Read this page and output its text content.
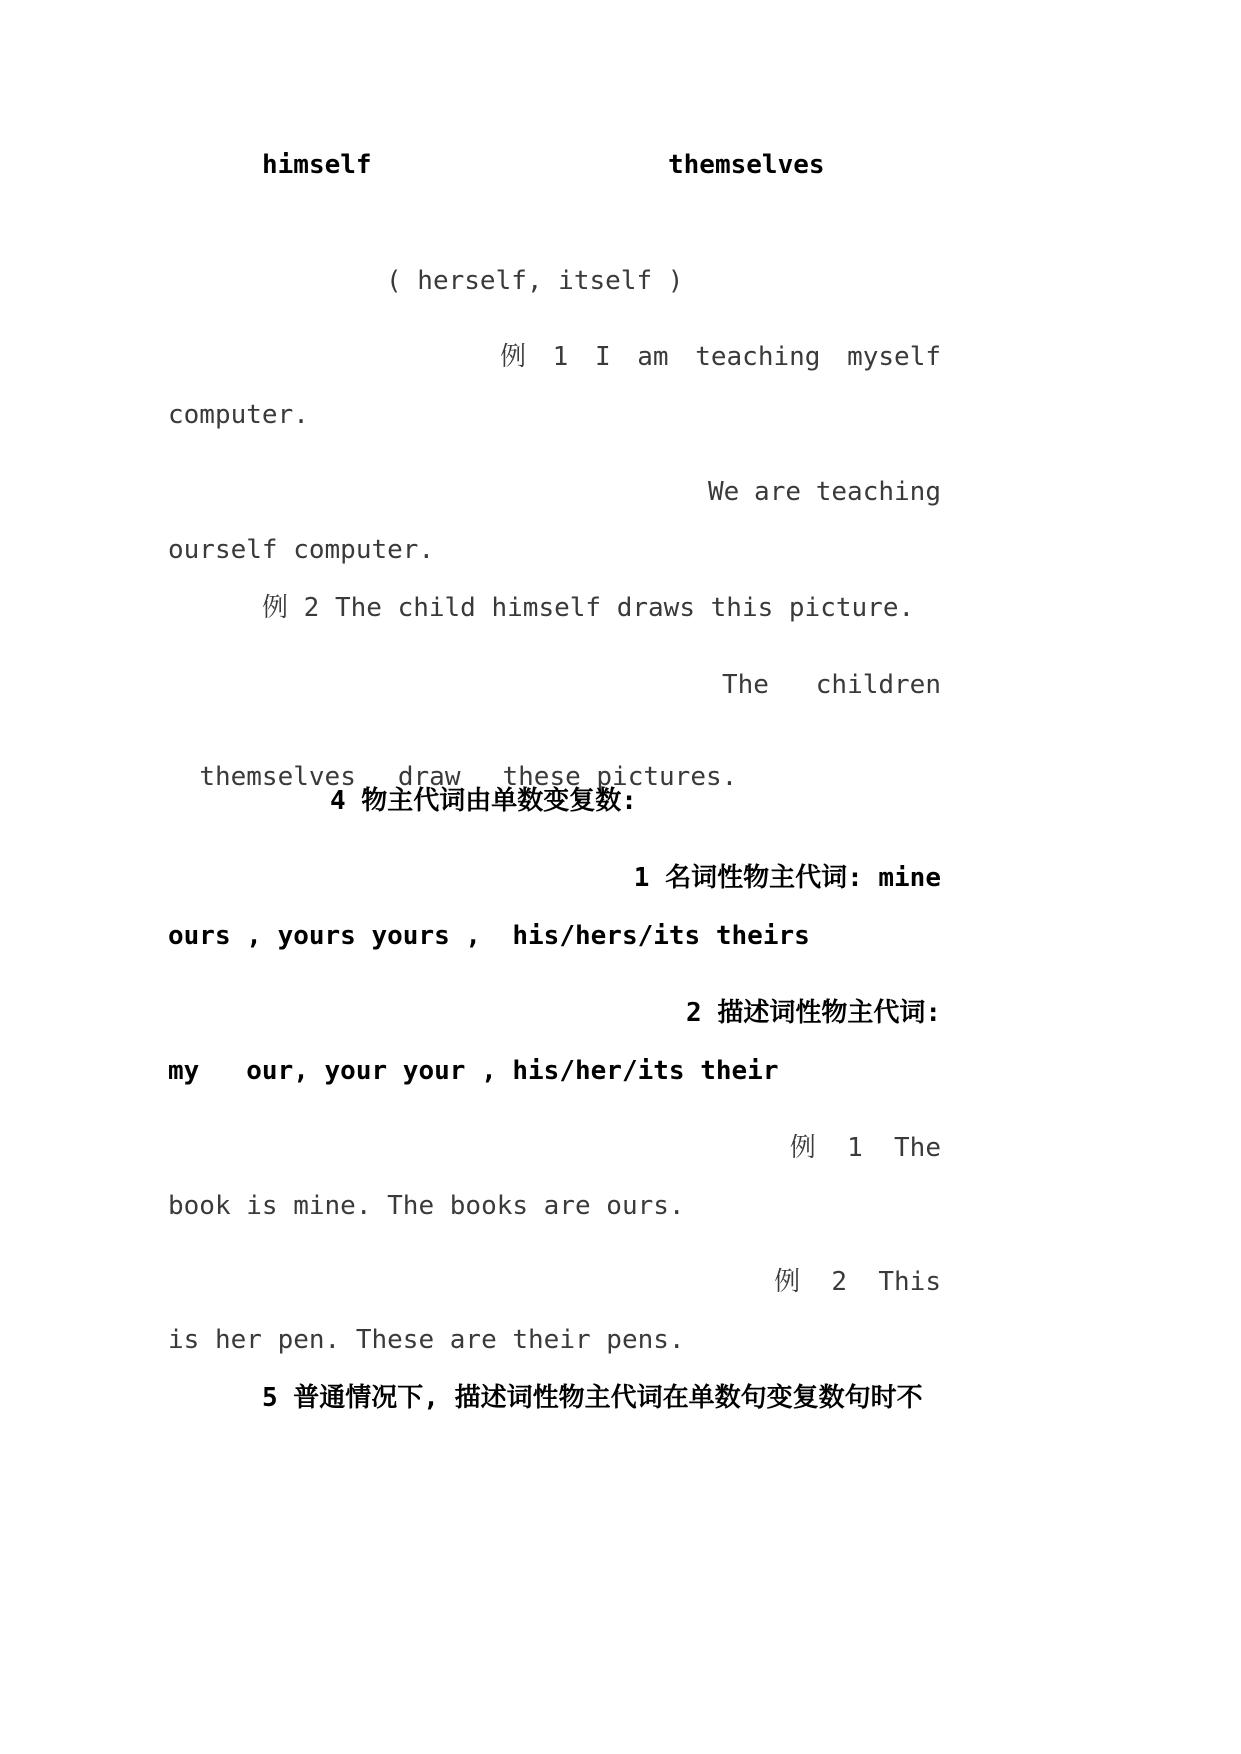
himself	themselves
( herself, itself )
例 1 I am teaching myself
computer.
We are teaching
ourself computer.
例 2 The child himself draws this picture.
The children

themselves draw these pictures.

4 物主代词由单数变复数:
1 名词性物主代词: mine
ours , yours yours ,  his/hers/its theirs
2 描述词性物主代词:
my   our, your your , his/her/its their
例  1  The
book is mine. The books are ours.
例  2  This
is her pen. These are their pens.
5 普通情况下, 描述词性物主代词在单数句变复数句时不
